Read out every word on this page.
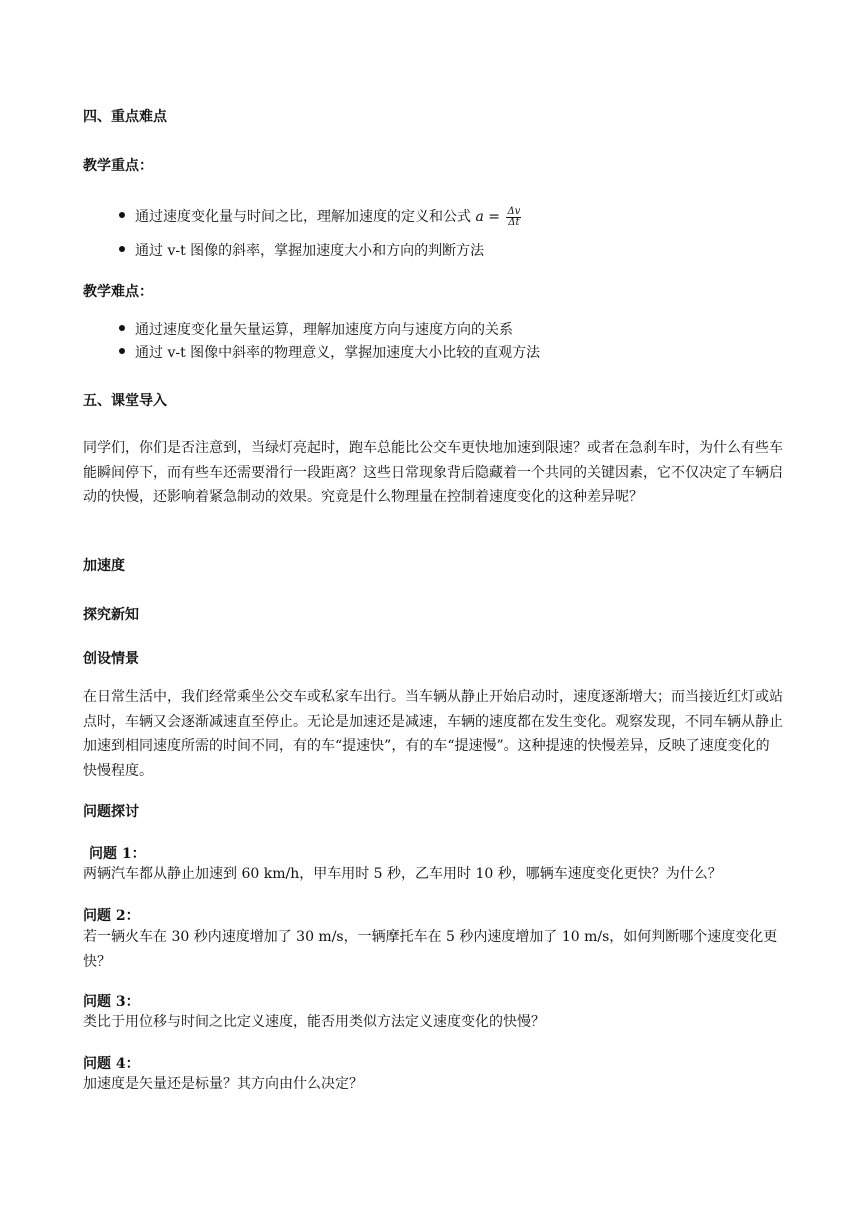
四、重点难点
教学重点：
通过速度变化量与时间之比，理解加速度的定义和公式 $a = \frac{\Delta v}{\Delta t}$
通过 v-t 图像的斜率，掌握加速度大小和方向的判断方法
教学难点：
通过速度变化量矢量运算，理解加速度方向与速度方向的关系
通过 v-t 图像中斜率的物理意义，掌握加速度大小比较的直观方法
五、课堂导入
同学们，你们是否注意到，当绿灯亮起时，跑车总能比公交车更快地加速到限速？或者在急刹车时，为什么有些车能瞬间停下，而有些车还需要滑行一段距离？这些日常现象背后隐藏着一个共同的关键因素，它不仅决定了车辆启动的快慢，还影响着紧急制动的效果。究竟是什么物理量在控制着速度变化的这种差异呢？
加速度
探究新知
创设情景
在日常生活中，我们经常乘坐公交车或私家车出行。当车辆从静止开始启动时，速度逐渐增大；而当接近红灯或站点时，车辆又会逐渐减速直至停止。无论是加速还是减速，车辆的速度都在发生变化。观察发现，不同车辆从静止加速到相同速度所需的时间不同，有的车“提速快”，有的车“提速慢”。这种提速的快慢差异，反映了速度变化的快慢程度。
问题探讨
问题 1：
两辆汽车都从静止加速到 60 km/h，甲车用时 5 秒，乙车用时 10 秒，哪辆车速度变化更快？为什么？
问题 2：
若一辆火车在 30 秒内速度增加了 30 m/s，一辆摩托车在 5 秒内速度增加了 10 m/s，如何判断哪个速度变化更快？
问题 3：
类比于用位移与时间之比定义速度，能否用类似方法定义速度变化的快慢？
问题 4：
加速度是矢量还是标量？其方向由什么决定？
